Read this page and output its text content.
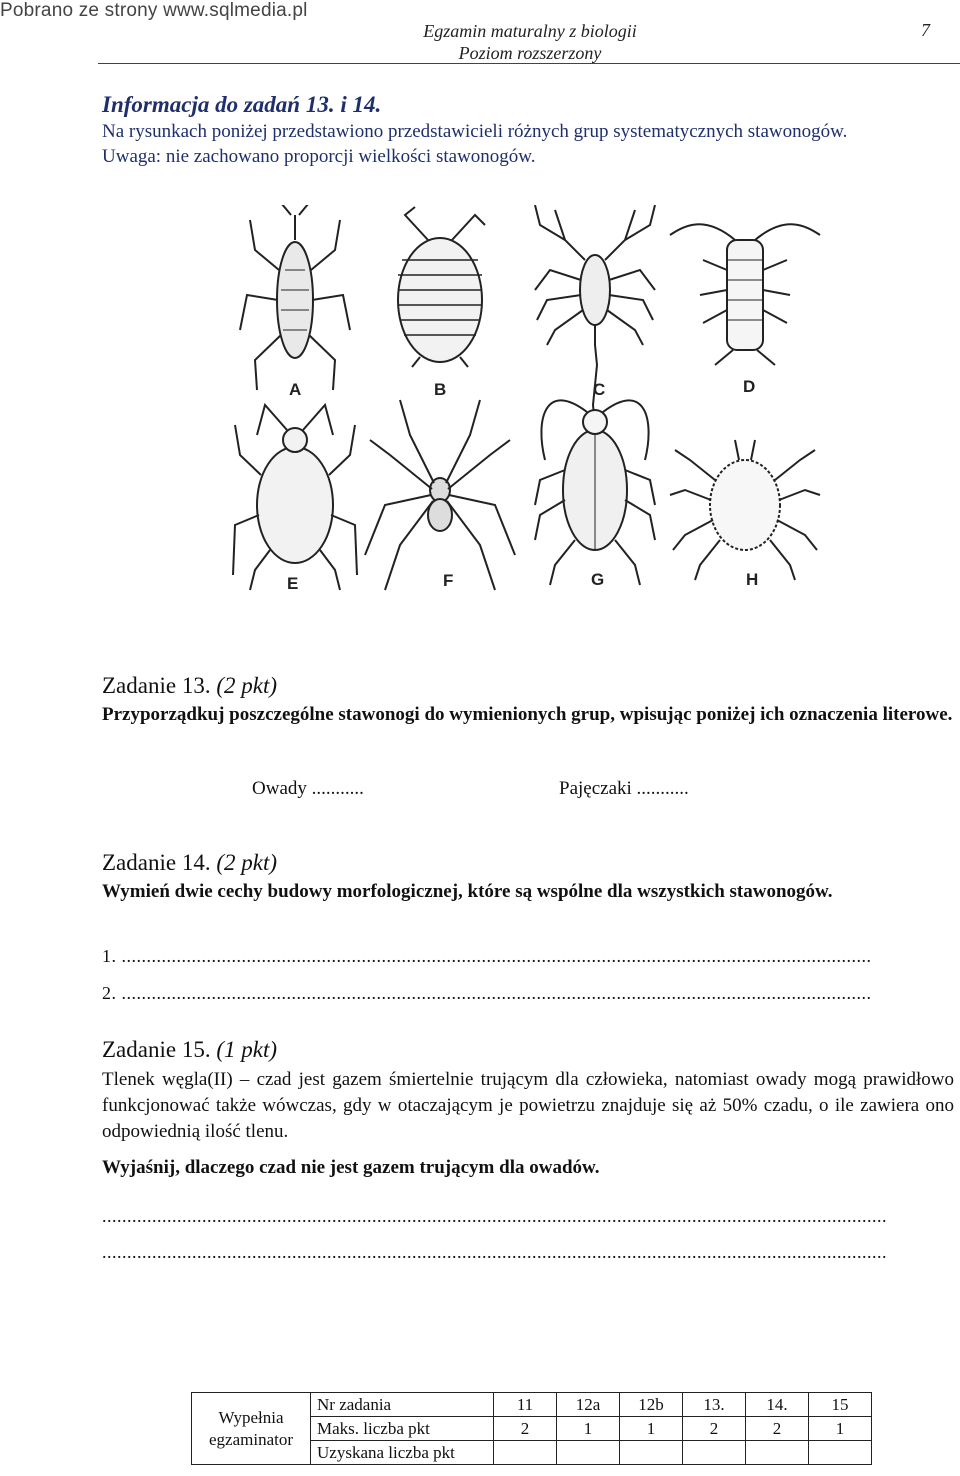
Pobrano ze strony www.sqlmedia.pl
Egzamin maturalny z biologii
Poziom rozszerzony
7
Informacja do zadań 13. i 14.

Na rysunkach poniżej przedstawiono przedstawicieli różnych grup systematycznych stawonogów.

Uwaga: nie zachowano proporcji wielkości stawonogów.

A	B	C	D
E	F	G	H
Zadanie 13. (2 pkt)
Przyporządkuj poszczególne stawonogi do wymienionych grup, wpisując poniżej ich oznaczenia literowe.
Owady ...........	Pajęczaki ...........
Zadanie 14. (2 pkt)
Wymień dwie cechy budowy morfologicznej, które są wspólne dla wszystkich stawonogów.
1. ......................................................................................................................................................
2. ......................................................................................................................................................
Zadanie 15. (1 pkt)
Tlenek węgla(II) – czad jest gazem śmiertelnie trującym dla człowieka, natomiast owady mogą prawidłowo funkcjonować także wówczas, gdy w otaczającym je powietrzu znajduje się aż 50% czadu, o ile zawiera ono odpowiednią ilość tlenu.
Wyjaśnij, dlaczego czad nie jest gazem trującym dla owadów.
.............................................................................................................................................................
.............................................................................................................................................................
Wypełnia egzaminator	Nr zadania	11	12a	12b	13.	14.	15
	Maks. liczba pkt	2	1	1	2	2	1
	Uzyskana liczba pkt						
